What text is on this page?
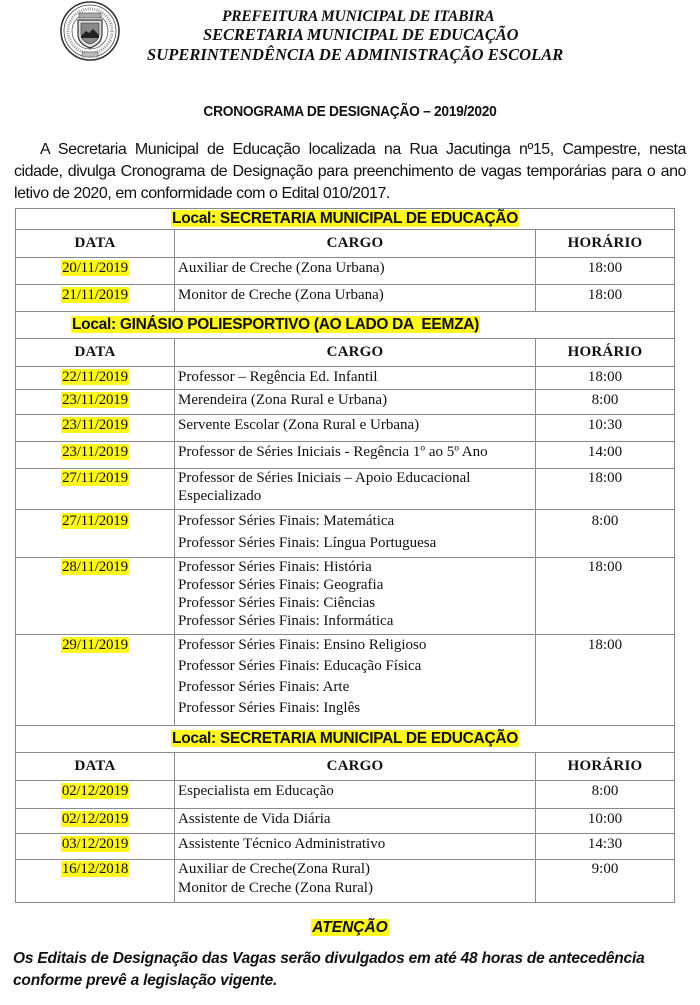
PREFEITURA MUNICIPAL DE ITABIRA
SECRETARIA MUNICIPAL DE EDUCAÇÃO
SUPERINTENDÊNCIA DE ADMINISTRAÇÃO ESCOLAR
CRONOGRAMA DE DESIGNAÇÃO – 2019/2020
A Secretaria Municipal de Educação localizada na Rua Jacutinga nº15, Campestre, nesta cidade, divulga Cronograma de Designação para preenchimento de vagas temporárias para o ano letivo de 2020, em conformidade com o Edital 010/2017.
Local: SECRETARIA MUNICIPAL DE EDUCAÇÃO		
DATA	CARGO	HORÁRIO
20/11/2019	Auxiliar de Creche (Zona Urbana)	18:00
21/11/2019	Monitor de Creche (Zona Urbana)	18:00
Local: GINÁSIO POLIESPORTIVO (AO LADO DA  EEMZA)		
DATA	CARGO	HORÁRIO
22/11/2019	Professor – Regência Ed. Infantil	18:00
23/11/2019	Merendeira (Zona Rural e Urbana)	8:00
23/11/2019	Servente Escolar (Zona Rural e Urbana)	10:30
23/11/2019	Professor de Séries Iniciais - Regência 1º ao 5º Ano	14:00
27/11/2019	Professor de Séries Iniciais – Apoio Educacional
Especializado	18:00
27/11/2019	Professor Séries Finais: Matemática
Professor Séries Finais: Língua Portuguesa	8:00
28/11/2019	Professor Séries Finais: História
Professor Séries Finais: Geografia
Professor Séries Finais: Ciências
Professor Séries Finais: Informática	18:00
29/11/2019	Professor Séries Finais: Ensino Religioso
Professor Séries Finais: Educação Física
Professor Séries Finais: Arte
Professor Séries Finais: Inglês	18:00
Local: SECRETARIA MUNICIPAL DE EDUCAÇÃO		
DATA	CARGO	HORÁRIO
02/12/2019	Especialista em Educação	8:00
02/12/2019	Assistente de Vida Diária	10:00
03/12/2019	Assistente Técnico Administrativo	14:30
16/12/2018	Auxiliar de Creche(Zona Rural)
Monitor de Creche (Zona Rural)	9:00
ATENÇÃO
Os Editais de Designação das Vagas serão divulgados em até 48 horas de antecedência
conforme prevê a legislação vigente.
